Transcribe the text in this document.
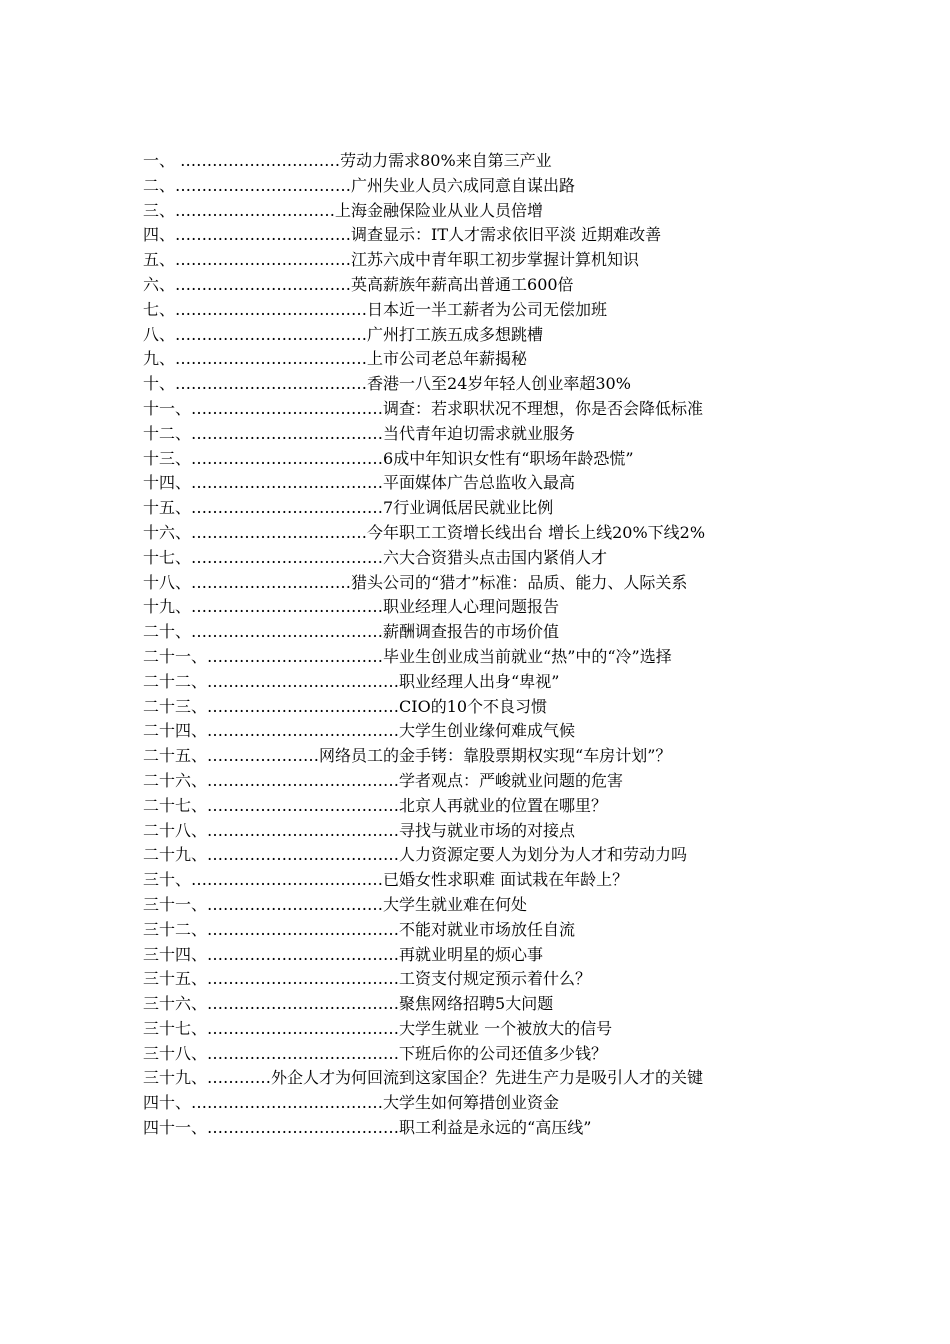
一、 …………………………劳动力需求80%来自第三产业
二、……………………………广州失业人员六成同意自谋出路
三、…………………………上海金融保险业从业人员倍增
四、……………………………调查显示：IT人才需求依旧平淡 近期难改善
五、……………………………江苏六成中青年职工初步掌握计算机知识
六、……………………………英高薪族年薪高出普通工600倍
七、………………………………日本近一半工薪者为公司无偿加班
八、………………………………广州打工族五成多想跳槽
九、………………………………上市公司老总年薪揭秘
十、………………………………香港一八至24岁年轻人创业率超30%
十一、………………………………调查：若求职状况不理想，你是否会降低标准
十二、………………………………当代青年迫切需求就业服务
十三、………………………………6成中年知识女性有“职场年龄恐慌”
十四、………………………………平面媒体广告总监收入最高
十五、………………………………7行业调低居民就业比例
十六、……………………………今年职工工资增长线出台 增长上线20%下线2%
十七、………………………………六大合资猎头点击国内紧俏人才
十八、…………………………猎头公司的“猎才”标准：品质、能力、人际关系
十九、………………………………职业经理人心理问题报告
二十、………………………………薪酬调查报告的市场价值
二十一、……………………………毕业生创业成当前就业“热”中的“冷”选择
二十二、………………………………职业经理人出身“卑视”
二十三、………………………………CIO的10个不良习惯
二十四、………………………………大学生创业缘何难成气候
二十五、…………………网络员工的金手铐：靠股票期权实现“车房计划”？
二十六、………………………………学者观点：严峻就业问题的危害
二十七、………………………………北京人再就业的位置在哪里？
二十八、………………………………寻找与就业市场的对接点
二十九、………………………………人力资源定要人为划分为人才和劳动力吗
三十、………………………………已婚女性求职难 面试栽在年龄上？
三十一、……………………………大学生就业难在何处
三十二、………………………………不能对就业市场放任自流
三十四、………………………………再就业明星的烦心事
三十五、………………………………工资支付规定预示着什么？
三十六、………………………………聚焦网络招聘5大问题
三十七、………………………………大学生就业 一个被放大的信号
三十八、………………………………下班后你的公司还值多少钱？
三十九、…………外企人才为何回流到这家国企？先进生产力是吸引人才的关键
四十、………………………………大学生如何筹措创业资金
四十一、………………………………职工利益是永远的“高压线”
